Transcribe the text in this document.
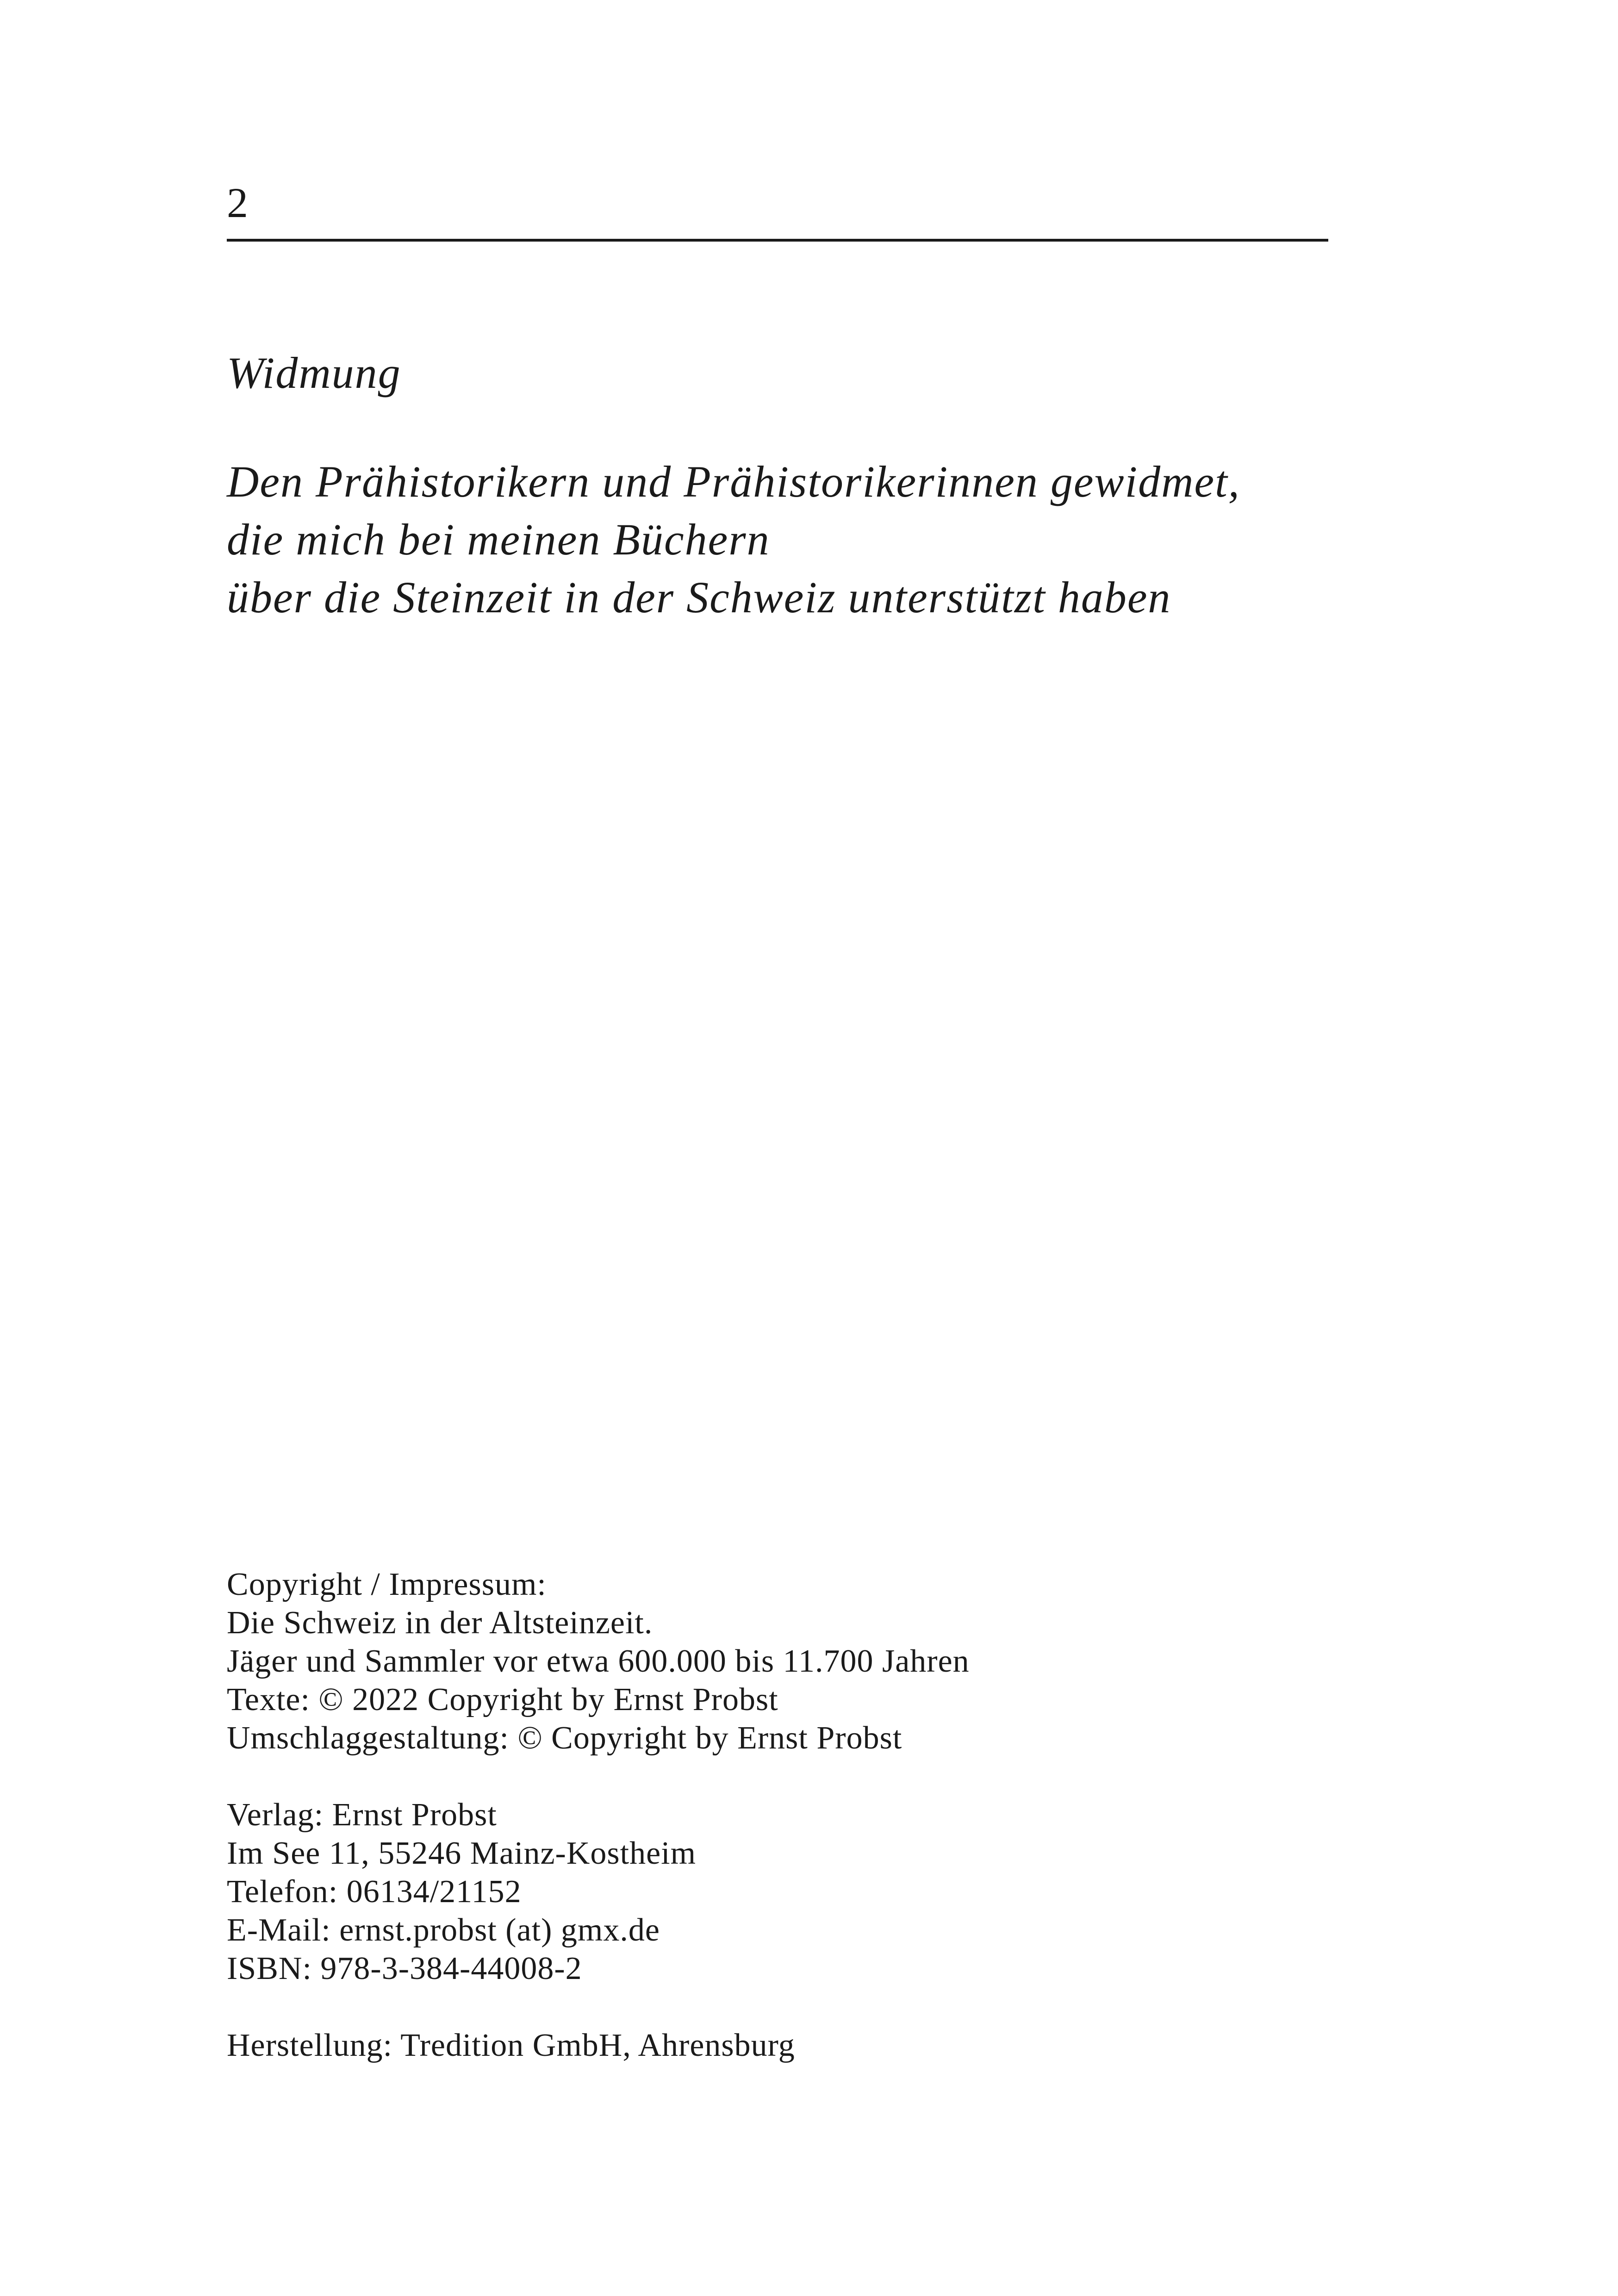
2
Widmung
Den Prähistorikern und Prähistorikerinnen gewidmet,
die mich bei meinen Büchern
über die Steinzeit in der Schweiz unterstützt haben
Copyright / Impressum:
Die Schweiz in der Altsteinzeit.
Jäger und Sammler vor etwa 600.000 bis 11.700 Jahren
Texte: © 2022 Copyright by Ernst Probst
Umschlaggestaltung: © Copyright by Ernst Probst
Verlag: Ernst Probst
Im See 11, 55246 Mainz-Kostheim
Telefon: 06134/21152
E-Mail: ernst.probst (at) gmx.de
ISBN: 978-3-384-44008-2
Herstellung: Tredition GmbH, Ahrensburg
